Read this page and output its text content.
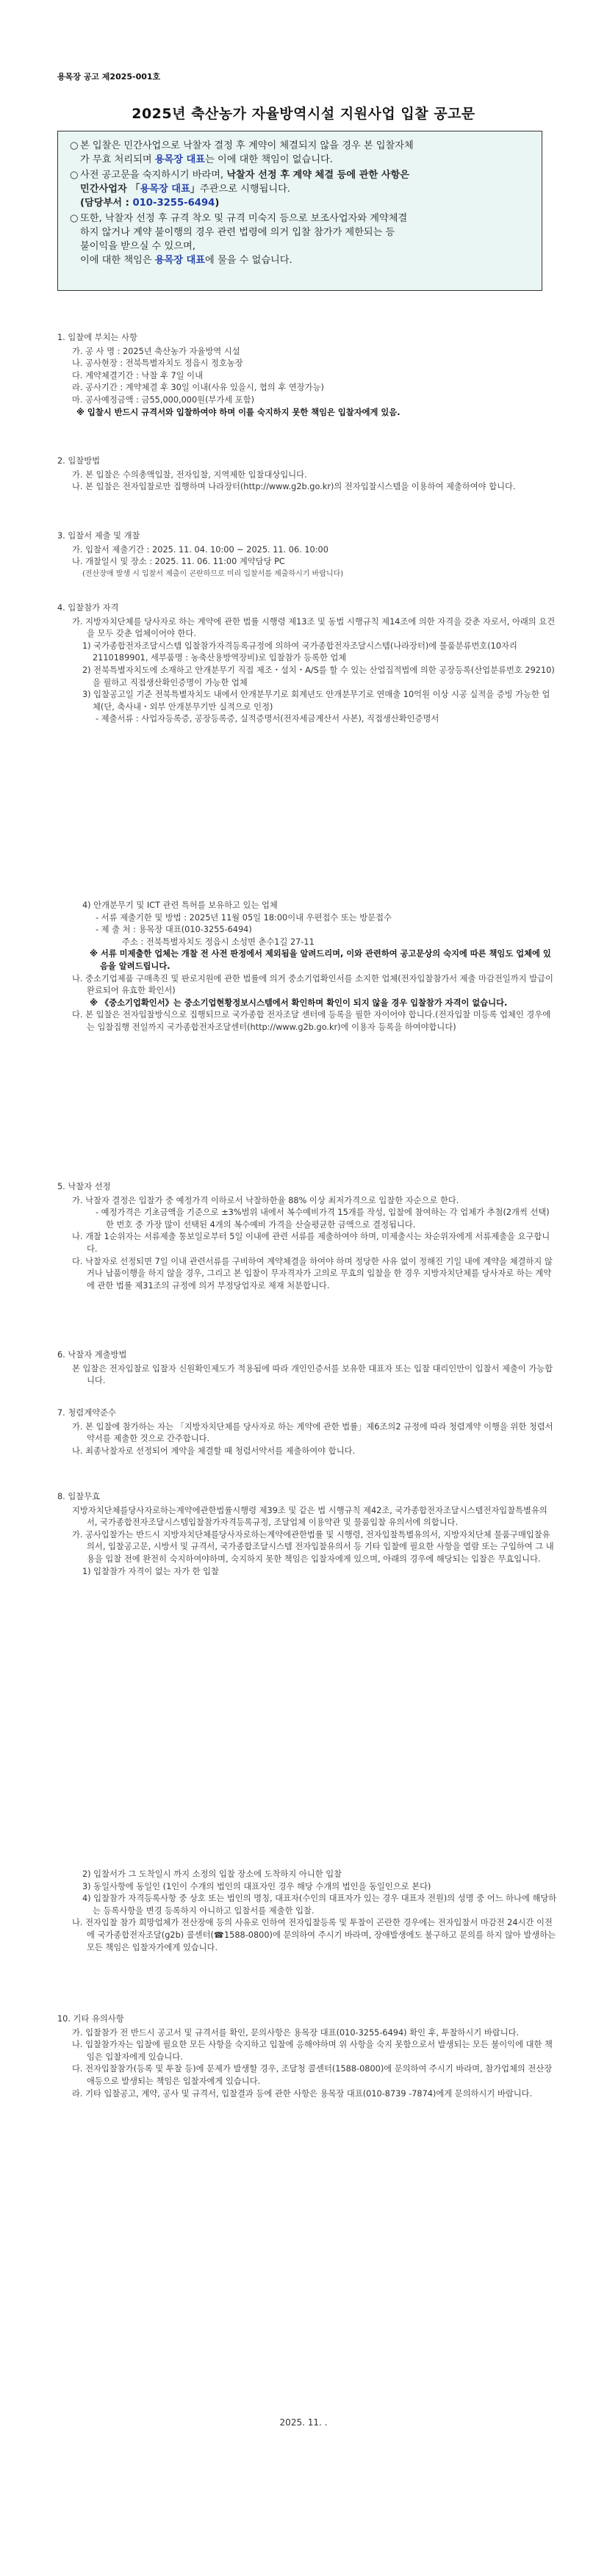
용목장 공고 제2025-001호
2025년 축산농가 자율방역시설 지원사업 입찰 공고문
○ 본 입찰은 민간사업으로 낙찰자 결정 후 계약이 체결되지 않을 경우 본 입찰자체

가 무효 처리되며 용목장 대표는 이에 대한 책임이 없습니다.

○ 사전 공고문을 숙지하시기 바라며, 낙찰자 선정 후 계약 체결 등에 관한 사항은

민간사업자 「용목장 대표」주관으로 시행됩니다.

(담당부서 : 010-3255-6494)

○ 또한, 낙찰자 선정 후 규격 착오 및 규격 미숙지 등으로 보조사업자와 계약체결

하지 않거나 계약 불이행의 경우 관련 법령에 의거 입찰 참가가 제한되는 등

불이익을 받으실 수 있으며,

이에 대한 책임은 용목장 대표에 물을 수 없습니다.

1. 입찰에 부치는 사항

가. 공 사 명 : 2025년 축산농가 자율방역 시설

나. 공사현장 : 전북특별자치도 정읍시 정호농장

다. 계약체결기간 : 낙찰 후 7일 이내

라. 공사기간 : 계약체결 후 30일 이내(사유 있을시, 협의 후 연장가능)

마. 공사예정금액 : 금55,000,000원(부가세 포함)

※ 입찰시 반드시 규격서와 입찰하여야 하며 이를 숙지하지 못한 책임은 입찰자에게 있음.

2. 입찰방법

가. 본 입찰은 수의총액입찰, 전자입찰, 지역제한 입찰대상입니다.

나. 본 입찰은 전자입찰로만 집행하며 나라장터(http://www.g2b.go.kr)의 전자입찰시스템을 이용하여 제출하여야 합니다.

3. 입찰서 제출 및 개찰

가. 입찰서 제출기간 : 2025. 11. 04. 10:00 ~ 2025. 11. 06. 10:00

나. 개찰일시 및 장소 : 2025. 11. 06. 11:00 계약담당 PC

(전산장애 발생 시 입찰서 제출이 곤란하므로 미리 입찰서를 제출하시기 바랍니다)

4. 입찰참가 자격

가. 지방자치단체를 당사자로 하는 계약에 관한 법률 시행령 제13조 및 동법 시행규칙 제14조에 의한 자격을 갖춘 자로서, 아래의 요건을 모두 갖춘 업체이어야 한다.

1) 국가종합전자조달시스템 입찰참가자격등록규정에 의하여 국가종합전자조달시스템(나라장터)에 물품분류번호(10자리 2110189901, 세부품명 : 농축산용방역장비)로 입찰참가 등록한 업체

2) 전북특별자치도에 소재하고 안개분무기 직접 제조・설치・A/S를 할 수 있는 산업집적법에 의한 공장등록(산업분류번호 29210)을 필하고 직접생산확인증명이 가능한 업체

3) 입찰공고일 기준 전북특별자치도 내에서 안개분무기로 회계년도 안개분무기로 연매출 10억원 이상 시공 실적을 증빙 가능한 업체(단, 축사내・외부 안개분무기만 실적으로 인정)

- 제출서류 : 사업자등록증, 공장등록증, 실적증명서(전자세금계산서 사본), 직접생산확인증명서

4) 안개분무기 및 ICT 관련 특허를 보유하고 있는 업체

- 서류 제출기한 및 방법 : 2025년 11월 05일 18:00이내 우편접수 또는 방문접수

- 제 출 처 : 용목장 대표(010-3255-6494)

주소 : 전북특별자치도 정읍시 소성면 춘수1길 27-11

※ 서류 미제출한 업체는 개찰 전 사전 판정에서 제외됨을 알려드리며, 이와 관련하여 공고문상의 숙지에 따른 책임도 업체에 있음을 알려드립니다.

나. 중소기업제품 구매촉진 및 판로지원에 관한 법률에 의거 중소기업확인서를 소지한 업체(전자입찰참가서 제출 마감전일까지 발급이 완료되어 유효한 확인서)

※ 《중소기업확인서》는 중소기업현황정보시스템에서 확인하며 확인이 되지 않을 경우 입찰참가 자격이 없습니다.

다. 본 입찰은 전자입찰방식으로 집행되므로 국가종합 전자조달 센터에 등록을 필한 자이어야 합니다.(전자입찰 미등록 업체인 경우에는 입찰집행 전일까지 국가종합전자조달센터(http://www.g2b.go.kr)에 이용자 등록을 하여야합니다)

5. 낙찰자 선정

가. 낙찰자 결정은 입찰가 중 예정가격 이하로서 낙찰하한율 88% 이상 최저가격으로 입찰한 자순으로 한다.

- 예정가격은 기초금액을 기준으로 ±3%범위 내에서 복수예비가격 15개를 작성, 입찰에 참여하는 각 업체가 추첨(2개씩 선택)한 번호 중 가장 많이 선택된 4개의 복수예비 가격을 산술평균한 금액으로 결정됩니다.

나. 개찰 1순위자는 서류제출 통보일로부터 5일 이내에 관련 서류를 제출하여야 하며, 미제출시는 차순위자에게 서류제출을 요구합니다.

다. 낙찰자로 선정되면 7일 이내 관련서류를 구비하여 계약체결을 하여야 하며 정당한 사유 없이 정해진 기일 내에 계약을 체결하지 않거나 납품이행을 하지 않을 경우, 그리고 본 입찰이 무자격자가 고의로 무효의 입찰을 한 경우 지방자치단체를 당사자로 하는 계약에 관한 법률 제31조의 규정에 의거 부정당업자로 제재 처분합니다.

6. 낙찰자 계출방법

본 입찰은 전자입찰로 입찰자 신원확인제도가 적용됨에 따라 개인인증서를 보유한 대표자 또는 입찰 대리인만이 입찰서 제출이 가능합니다.

7. 청렴계약준수

가. 본 입찰에 참가하는 자는 「지방자치단체를 당사자로 하는 계약에 관한 법률」제6조의2 규정에 따라 청렴계약 이행을 위한 청렴서약서를 제출한 것으로 간주합니다.

나. 최종낙찰자로 선정되어 계약을 체결할 때 청렴서약서를 제출하여야 합니다.

8. 입찰무효

지방자치단체를당사자로하는계약에관한법률시행령 제39조 및 같은 법 시행규칙 제42조, 국가종합전자조달시스템전자입찰특별유의서, 국가종합전자조달시스템입찰참가자격등록규정, 조달업체 이용약관 및 물품입찰 유의서에 의합니다.

가. 공사입찰가는 반드시 지방자치단체를당사자로하는계약에관한법률 및 시행령, 전자입찰특별유의서, 지방자치단체 물품구매입찰유의서, 입찰공고문, 시방서 및 규격서, 국가종합조달시스템 전자입찰유의서 등 기타 입찰에 필요한 사항을 열람 또는 구입하여 그 내용을 입찰 전에 완전히 숙지하여야하며, 숙지하지 못한 책임은 입찰자에게 있으며, 아래의 경우에 해당되는 입찰은 무효입니다.

1) 입찰참가 자격이 없는 자가 한 입찰

2) 입찰서가 그 도착일시 까지 소정의 입찰 장소에 도착하지 아니한 입찰

3) 동일사항에 동일인 (1인이 수개의 법인의 대표자인 경우 해당 수개의 법인을 동일인으로 본다)

4) 입찰참가 자격등록사항 중 상호 또는 법인의 명칭, 대표자(수인의 대표자가 있는 경우 대표자 전원)의 성명 중 어느 하나에 해당하는 등록사항을 변경 등록하지 아니하고 입찰서를 제출한 입찰.

나. 전자입찰 참가 희망업체가 전산장애 등의 사유로 인하여 전자입찰등록 및 투찰이 곤란한 경우에는 전자입찰서 마감전 24시간 이전에 국가종합전자조달(g2b) 콜센터(☎1588-0800)에 문의하여 주시기 바라며, 장애발생에도 불구하고 문의를 하지 않아 발생하는 모든 책임은 입찰자가에게 있습니다.

10. 기타 유의사항

가. 입찰참가 전 반드시 공고서 및 규격서를 확인, 문의사항은 용목장 대표(010-3255-6494) 확인 후, 투찰하시기 바랍니다.

나. 입찰참가자는 입찰에 필요한 모든 사항을 숙지하고 입찰에 응해야하며 위 사항을 숙지 못함으로서 발생되는 모든 불이익에 대한 책임은 입찰자에게 있습니다.

다. 전자입찰참가(등록 및 투찰 등)에 문제가 발생할 경우, 조달청 콜센터(1588-0800)에 문의하여 주시기 바라며, 참가업체의 전산장애등으로 발생되는 책임은 입찰자에게 있습니다.

라. 기타 입찰공고, 계약, 공사 및 규격서, 입찰결과 등에 관한 사항은 용목장 대표(010-8739 -7874)에게 문의하시기 바랍니다.

2025. 11. .
